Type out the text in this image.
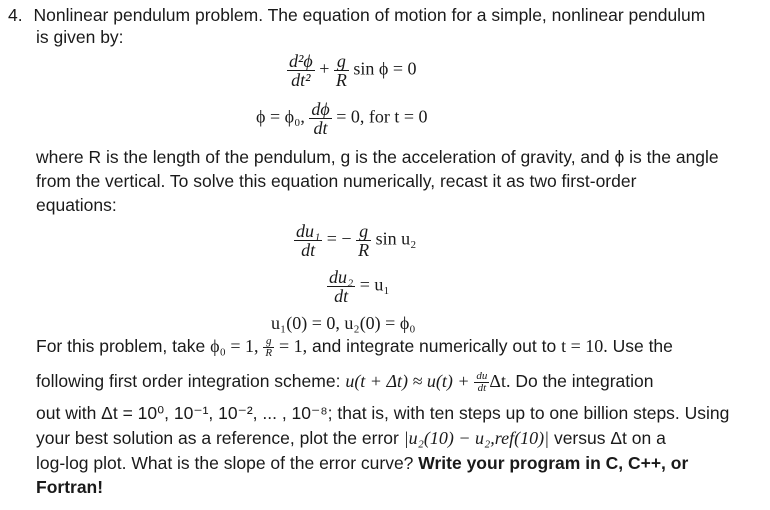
4. Nonlinear pendulum problem. The equation of motion for a simple, nonlinear pendulum
is given by:
$\frac{\text{d²ϕ}}{\text{dt²}} + \frac{g}{R}$ sin ϕ = 0
ϕ = ϕ₀, $\frac{d\phi}{dt} = 0$, for t = 0
where R is the length of the pendulum, g is the acceleration of gravity, and ϕ is the angle
from the vertical. To solve this equation numerically, recast it as two first-order
equations:
$\frac{\text{du₁}}{dt}$ = − $\frac{g}{R}$ sin u₂
$\frac{\text{du₂}}{dt} = u_1$
u₁(0) = 0, u₂(0) = ϕ₀
For this problem, take ϕ₀ = 1, $\frac{g}{R} = 1$, and integrate numerically out to t = 10. Use the
following first order integration scheme: $u(t + \Delta t) \approx u(t) + \frac{du}{dt} \Delta t$. Do the integration
out with Δt = 10⁰, 10⁻¹, 10⁻², ... , 10⁻⁸; that is, with ten steps up to one billion steps. Using
your best solution as a reference, plot the error |u₂(10) − u₂,ref(10)| versus Δt on a
log-log plot. What is the slope of the error curve? Write your program in C, C++, or
Fortran!
